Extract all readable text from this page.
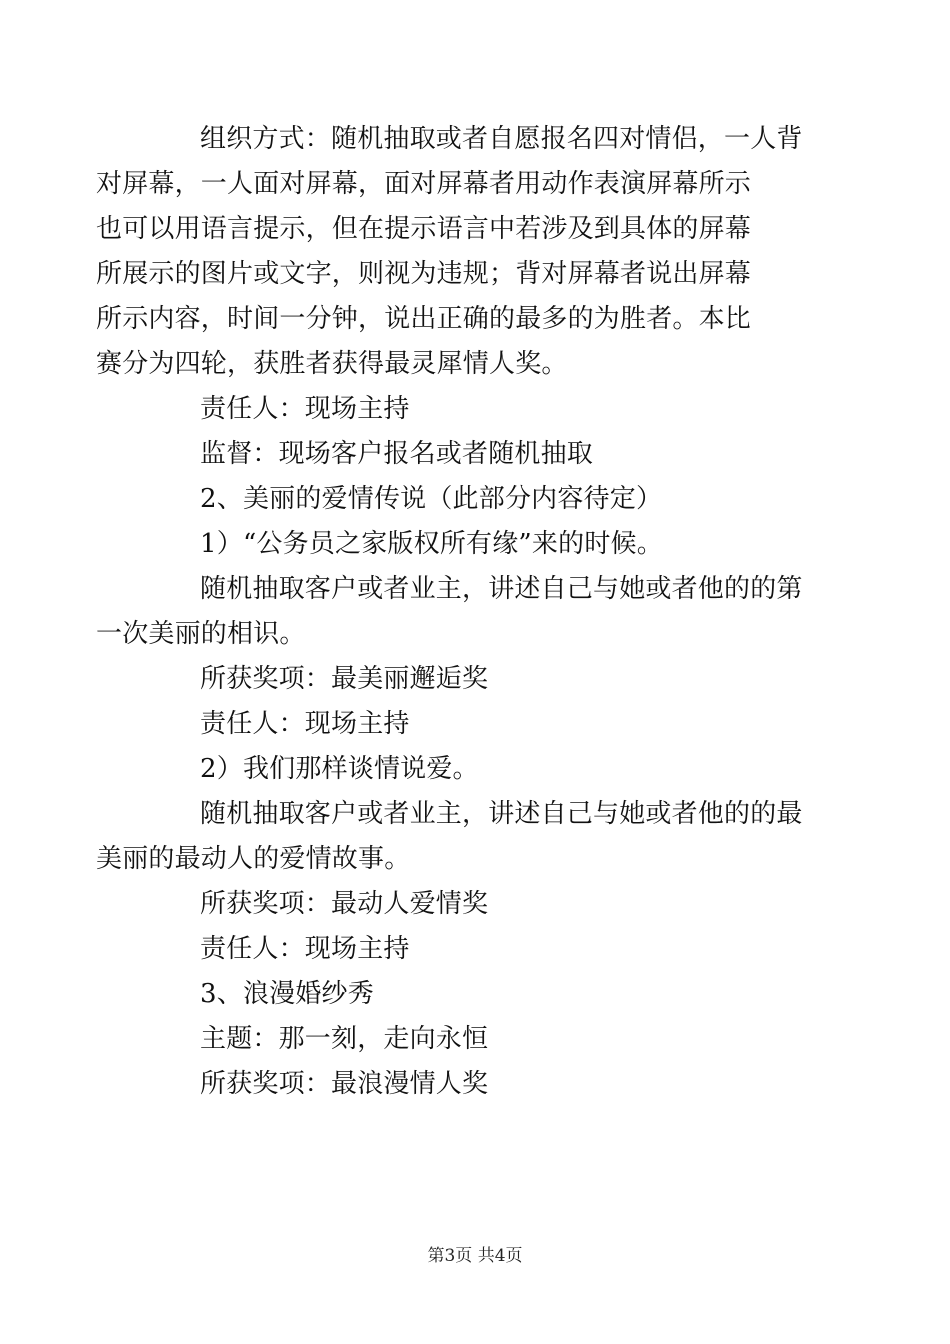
组织方式：随机抽取或者自愿报名四对情侣，一人背
对屏幕，一人面对屏幕，面对屏幕者用动作表演屏幕所示
也可以用语言提示，但在提示语言中若涉及到具体的屏幕
所展示的图片或文字，则视为违规；背对屏幕者说出屏幕
所示内容，时间一分钟，说出正确的最多的为胜者。本比
赛分为四轮，获胜者获得最灵犀情人奖。

责任人：现场主持

监督：现场客户报名或者随机抽取

2、美丽的爱情传说（此部分内容待定）

1）“公务员之家版权所有缘”来的时候。

随机抽取客户或者业主，讲述自己与她或者他的的第
一次美丽的相识。

所获奖项：最美丽邂逅奖

责任人：现场主持

2）我们那样谈情说爱。

随机抽取客户或者业主，讲述自己与她或者他的的最
美丽的最动人的爱情故事。

所获奖项：最动人爱情奖

责任人：现场主持

3、浪漫婚纱秀

主题：那一刻，走向永恒

所获奖项：最浪漫情人奖

第3页 共4页
